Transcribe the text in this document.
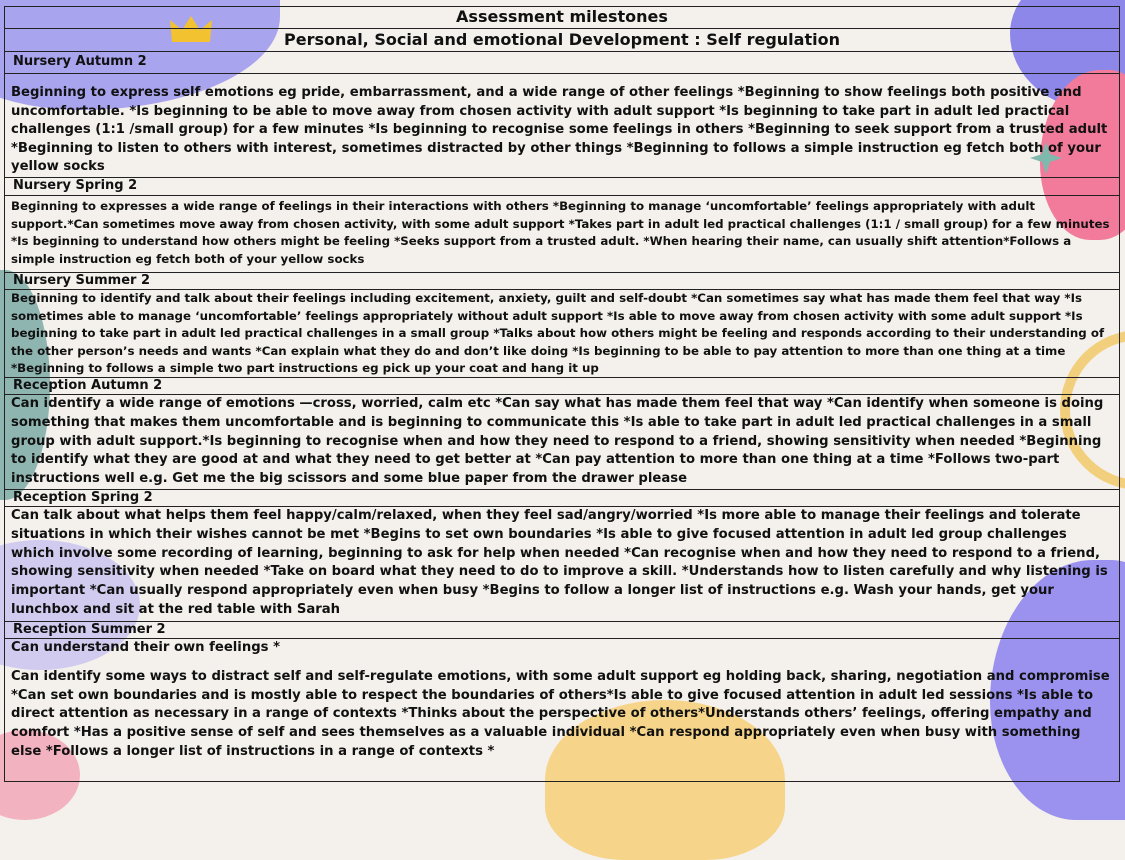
Assessment milestones
Personal, Social and emotional Development : Self regulation
Nursery Autumn 2
Beginning to express self emotions eg pride, embarrassment, and a wide range of other feelings *Beginning to show feelings both positive and uncomfortable. *Is beginning to be able to move away from chosen activity with adult support *Is beginning to take part in adult led practical challenges (1:1 /small group) for a few minutes *Is beginning to recognise some feelings in others *Beginning to seek support from a trusted adult *Beginning to listen to others with interest, sometimes distracted by other things *Beginning to follows a simple instruction eg fetch both of your yellow socks
Nursery Spring 2
Beginning to expresses a wide range of feelings in their interactions with others *Beginning to manage ‘uncomfortable’ feelings appropriately with adult support.*Can sometimes move away from chosen activity, with some adult support *Takes part in adult led practical challenges (1:1 / small group) for a few minutes *Is beginning to understand how others might be feeling *Seeks support from a trusted adult. *When hearing their name, can usually shift attention*Follows a simple instruction eg fetch both of your yellow socks
Nursery Summer 2
Beginning to identify and talk about their feelings including excitement, anxiety, guilt and self-doubt *Can sometimes say what has made them feel that way *Is sometimes able to manage ‘uncomfortable’ feelings appropriately without adult support *Is able to move away from chosen activity with some adult support *Is beginning to take part in adult led practical challenges in a small group *Talks about how others might be feeling and responds according to their understanding of the other person’s needs and wants *Can explain what they do and don’t like doing *Is beginning to be able to pay attention to more than one thing at a time *Beginning to follows a simple two part instructions eg pick up your coat and hang it up
Reception Autumn 2
Can identify a wide range of emotions —cross, worried, calm etc *Can say what has made them feel that way *Can identify when someone is doing something that makes them uncomfortable and is beginning to communicate this *Is able to take part in adult led practical challenges in a small group with adult support.*Is beginning to recognise when and how they need to respond to a friend, showing sensitivity when needed *Beginning to identify what they are good at and what they need to get better at *Can pay attention to more than one thing at a time *Follows two-part instructions well e.g. Get me the big scissors and some blue paper from the drawer please
Reception Spring 2
Can talk about what helps them feel happy/calm/relaxed, when they feel sad/angry/worried *Is more able to manage their feelings and tolerate situations in which their wishes cannot be met *Begins to set own boundaries *Is able to give focused attention in adult led group challenges which involve some recording of learning, beginning to ask for help when needed *Can recognise when and how they need to respond to a friend, showing sensitivity when needed *Take on board what they need to do to improve a skill. *Understands how to listen carefully and why listening is important *Can usually respond appropriately even when busy *Begins to follow a longer list of instructions e.g. Wash your hands, get your lunchbox and sit at the red table with Sarah
Reception Summer 2

Can understand their own feelings *

Can identify some ways to distract self and self-regulate emotions, with some adult support eg holding back, sharing, negotiation and compromise *Can set own boundaries and is mostly able to respect the boundaries of others*Is able to give focused attention in adult led sessions *Is able to direct attention as necessary in a range of contexts *Thinks about the perspective of others*Understands others’ feelings, offering empathy and comfort *Has a positive sense of self and sees themselves as a valuable individual *Can respond appropriately even when busy with something else *Follows a longer list of instructions in a range of contexts *
